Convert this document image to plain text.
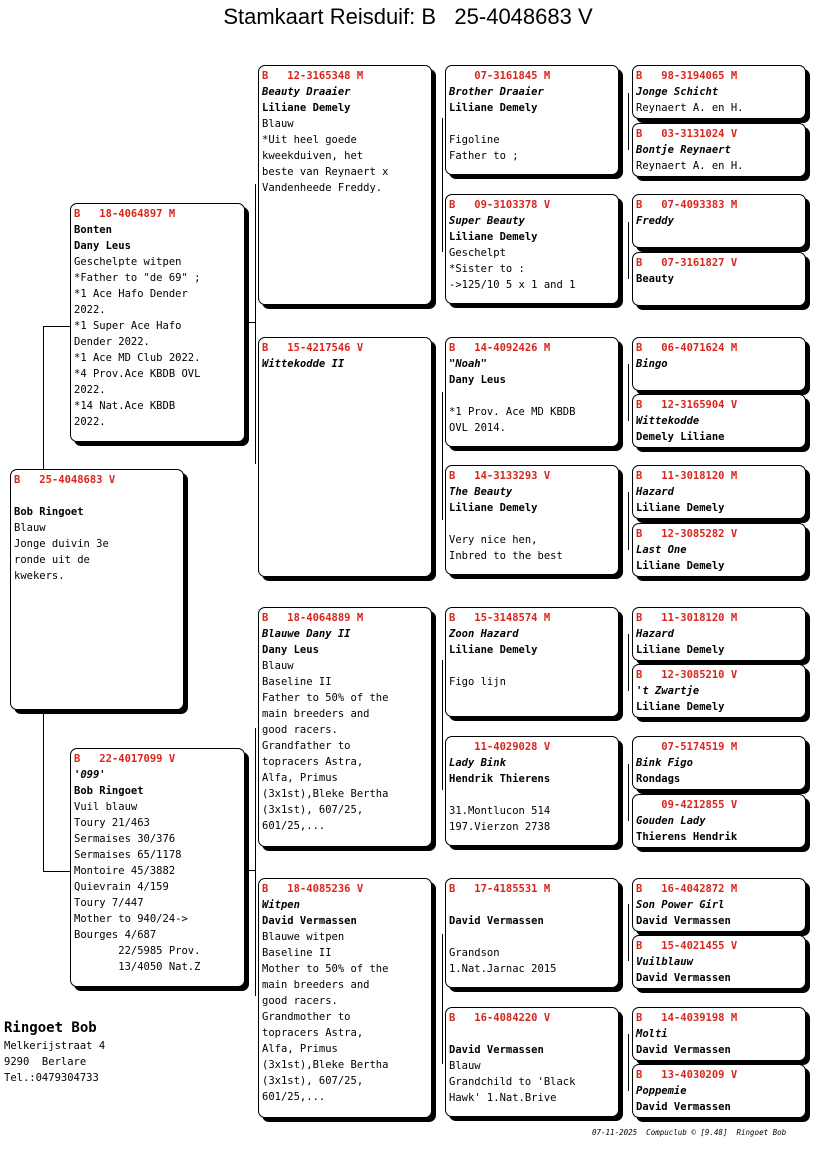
Stamkaart Reisduif: B   25-4048683 V
B   25-4048683 V
Bob Ringoet
Blauw
Jonge duivin 3e
ronde uit de
kwekers.
B   18-4064897 M
Bonten
Dany Leus
Geschelpte witpen
*Father to "de 69" ;
*1 Ace Hafo Dender
2022.
*1 Super Ace Hafo
Dender 2022.
*1 Ace MD Club 2022.
*4 Prov.Ace KBDB OVL
2022.
*14 Nat.Ace KBDB
2022.
B   22-4017099 V
'099'
Bob Ringoet
Vuil blauw
Toury 21/463
Sermaises 30/376
Sermaises 65/1178
Montoire 45/3882
Quievrain 4/159
Toury 7/447
Mother to 940/24->
Bourges 4/687
22/5985 Prov.
13/4050 Nat.Z
B   12-3165348 M
Beauty Draaier
Liliane Demely
Blauw
*Uit heel goede
kweekduiven, het
beste van Reynaert x
Vandenheede Freddy.
B   15-4217546 V
Wittekodde II
B   18-4064889 M
Blauwe Dany II
Dany Leus
Blauw
Baseline II
Father to 50% of the
main breeders and
good racers.
Grandfather to
topracers Astra,
Alfa, Primus
(3x1st),Bleke Bertha
(3x1st), 607/25,
601/25,...
B   18-4085236 V
Witpen
David Vermassen
Blauwe witpen
Baseline II
Mother to 50% of the
main breeders and
good racers.
Grandmother to
topracers Astra,
Alfa, Primus
(3x1st),Bleke Bertha
(3x1st), 607/25,
601/25,...
07-3161845 M
Brother Draaier
Liliane Demely
Figoline
Father to ;
B   09-3103378 V
Super Beauty
Liliane Demely
Geschelpt
*Sister to :
->125/10 5 x 1 and 1
B   14-4092426 M
"Noah"
Dany Leus
*1 Prov. Ace MD KBDB
OVL 2014.
B   14-3133293 V
The Beauty
Liliane Demely
Very nice hen,
Inbred to the best
B   15-3148574 M
Zoon Hazard
Liliane Demely
Figo lijn
11-4029028 V
Lady Bink
Hendrik Thierens
31.Montlucon 514
197.Vierzon 2738
B   17-4185531 M
David Vermassen
Grandson
1.Nat.Jarnac 2015
B   16-4084220 V
David Vermassen
Blauw
Grandchild to 'Black
Hawk' 1.Nat.Brive
B   98-3194065 M
Jonge Schicht
Reynaert A. en H.
B   03-3131024 V
Bontje Reynaert
Reynaert A. en H.
B   07-4093383 M
Freddy
B   07-3161827 V
Beauty
B   06-4071624 M
Bingo
B   12-3165904 V
Wittekodde
Demely Liliane
B   11-3018120 M
Hazard
Liliane Demely
B   12-3085282 V
Last One
Liliane Demely
B   11-3018120 M
Hazard
Liliane Demely
B   12-3085210 V
't Zwartje
Liliane Demely
07-5174519 M
Bink Figo
Rondags
09-4212855 V
Gouden Lady
Thierens Hendrik
B   16-4042872 M
Son Power Girl
David Vermassen
B   15-4021455 V
Vuilblauw
David Vermassen
B   14-4039198 M
Molti
David Vermassen
B   13-4030209 V
Poppemie
David Vermassen
Ringoet Bob
Melkerijstraat 4
9290  Berlare
Tel.:0479304733
07-11-2025  Compuclub © [9.48]  Ringoet Bob
